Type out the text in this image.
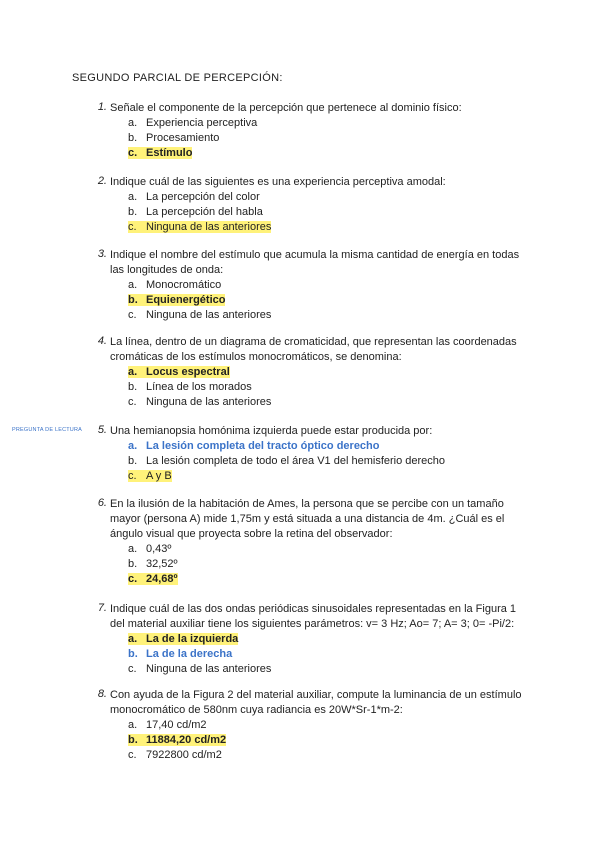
SEGUNDO PARCIAL DE PERCEPCIÓN:
PREGUNTA DE LECTURA
1. Señale el componente de la percepción que pertenece al dominio físico:
a. Experiencia perceptiva
b. Procesamiento
c. Estímulo
2. Indique cuál de las siguientes es una experiencia perceptiva amodal:
a. La percepción del color
b. La percepción del habla
c. Ninguna de las anteriores
3. Indique el nombre del estímulo que acumula la misma cantidad de energía en todas las longitudes de onda:
a. Monocromático
b. Equienergético
c. Ninguna de las anteriores
4. La línea, dentro de un diagrama de cromaticidad, que representan las coordenadas cromáticas de los estímulos monocromáticos, se denomina:
a. Locus espectral
b. Línea de los morados
c. Ninguna de las anteriores
5. Una hemianopsia homónima izquierda puede estar producida por:
a. La lesión completa del tracto óptico derecho
b. La lesión completa de todo el área V1 del hemisferio derecho
c. A y B
6. En la ilusión de la habitación de Ames, la persona que se percibe con un tamaño mayor (persona A) mide 1,75m y está situada a una distancia de 4m. ¿Cuál es el ángulo visual que proyecta sobre la retina del observador:
a. 0,43º
b. 32,52º
c. 24,68º
7. Indique cuál de las dos ondas periódicas sinusoidales representadas en la Figura 1 del material auxiliar tiene los siguientes parámetros: v= 3 Hz; Ao= 7; A= 3; 0= -Pi/2:
a. La de la izquierda
b. La de la derecha
c. Ninguna de las anteriores
8. Con ayuda de la Figura 2 del material auxiliar, compute la luminancia de un estímulo monocromático de 580nm cuya radiancia es 20W*Sr-1*m-2:
a. 17,40 cd/m2
b. 11884,20 cd/m2
c. 7922800 cd/m2
